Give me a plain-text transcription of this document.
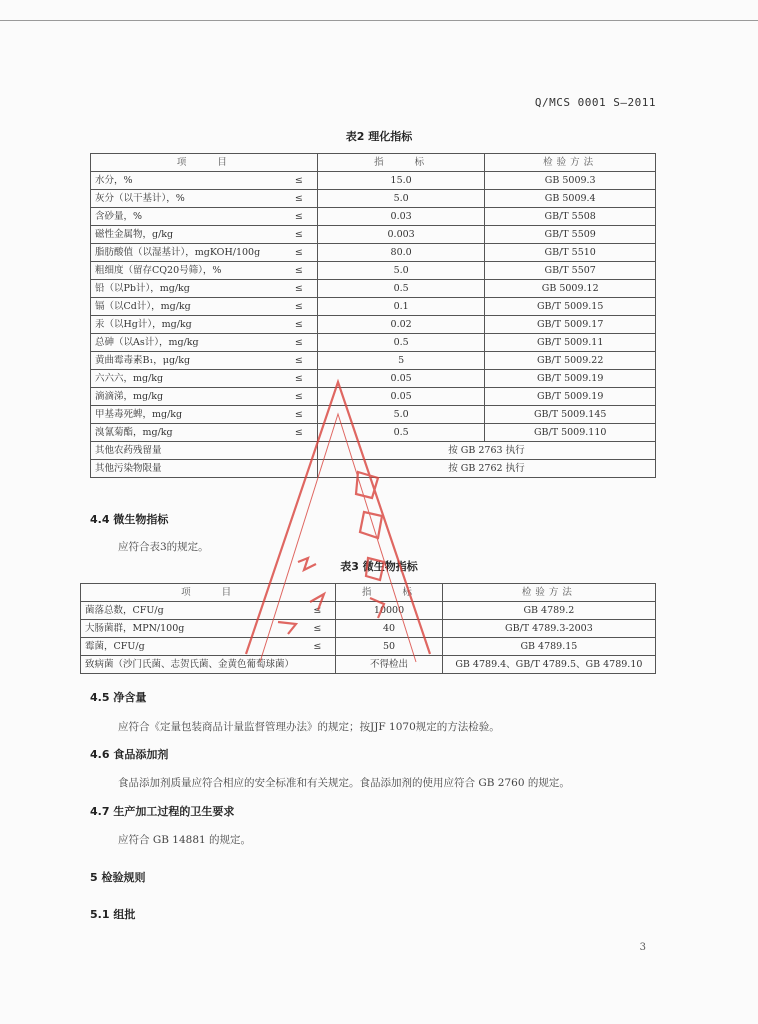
Q/MCS 0001 S—2011
表2 理化指标
项　　目		指　　标	检验方法
水分，%	≤	15.0	GB 5009.3
灰分（以干基计），%	≤	5.0	GB 5009.4
含砂量，%	≤	0.03	GB/T 5508
磁性金属物，g/kg	≤	0.003	GB/T 5509
脂肪酸值（以湿基计），mgKOH/100g	≤	80.0	GB/T 5510
粗细度（留存CQ20号筛），%	≤	5.0	GB/T 5507
铅（以Pb计），mg/kg	≤	0.5	GB 5009.12
镉（以Cd计），mg/kg	≤	0.1	GB/T 5009.15
汞（以Hg计），mg/kg	≤	0.02	GB/T 5009.17
总砷（以As计），mg/kg	≤	0.5	GB/T 5009.11
黄曲霉毒素B₁，μg/kg	≤	5	GB/T 5009.22
六六六，mg/kg	≤	0.05	GB/T 5009.19
滴滴涕，mg/kg	≤	0.05	GB/T 5009.19
甲基毒死蜱，mg/kg	≤	5.0	GB/T 5009.145
溴氰菊酯，mg/kg	≤	0.5	GB/T 5009.110
其他农药残留量		按 GB 2763 执行	
其他污染物限量		按 GB 2762 执行	
4.4 微生物指标
应符合表3的规定。
表3 微生物指标
项　　目		指　　标	检验方法
菌落总数，CFU/g	≤	10000	GB 4789.2
大肠菌群，MPN/100g	≤	40	GB/T 4789.3-2003
霉菌，CFU/g	≤	50	GB 4789.15
致病菌（沙门氏菌、志贺氏菌、金黄色葡萄球菌）		不得检出	GB 4789.4、GB/T 4789.5、GB 4789.10
4.5 净含量
应符合《定量包装商品计量监督管理办法》的规定；按JJF 1070规定的方法检验。
4.6 食品添加剂
食品添加剂质量应符合相应的安全标准和有关规定。食品添加剂的使用应符合 GB 2760 的规定。
4.7 生产加工过程的卫生要求
应符合 GB 14881 的规定。
5 检验规则
5.1 组批
3
